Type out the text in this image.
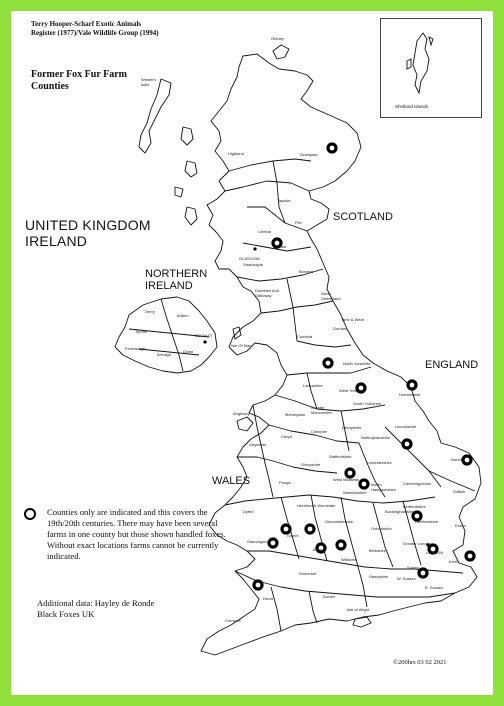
Terry Hooper-Scharf Exotic Animals Register (1977)/Vale Wildlife Group (1994)
Former Fox Fur Farm Counties
Shetland Islands
UNITED KINGDOM
IRELAND
SCOTLAND
NORTHERN
IRELAND
ENGLAND
WALES
Orkney
Western Isles
Highland	Grampian
Tayside
Fife
Central
Lothian
GLASGOW
Strathclyde
Borders
Dumfries And Galloway	North Umberland
Tyne & Wear
Durham
Cumbria
Isle Of Man
North Yorkshire
Lancashire
West Yorkshire
South Yorkshire
Humberside
Greater Manchester
Merseyside
Cheshire
Derbyshire
Nottinghamshire
Lincolnshire
Norfolk
Suffolk
Anglesey
Gwynedd
Clwyd
Shropshire
Staffordshire
Leicestershire
West Midlands
Warwickshire
North-Hamptonshire
Cambridgeshire
Powys
Hereford & Worcester
Dyfed
Gloucestershire
Oxfordshire
Buckinghamshire
Bedfordshire
Hertfordshire
Essex
Gwent
Glamorgan
Avon
Wiltshire
Berkshire
Greater London
LONDON
Kent
Surrey
Somerset
Hampshire W. Sussex
E. Sussex
Devon	Dorset
Cornwall
Isle of Wight
Derry
Antrim
Tyrone
Fermanagh
Armagh
Down
BELFAST
Counties only are indicated and this covers the 19th/20th centuries. There may have been several farms in one county but those shown handled foxes. Without exact locations farms cannot be currently indicated.
Additional data: Hayley de Ronde
Black Foxes UK
©200hrs 03 02 2021
